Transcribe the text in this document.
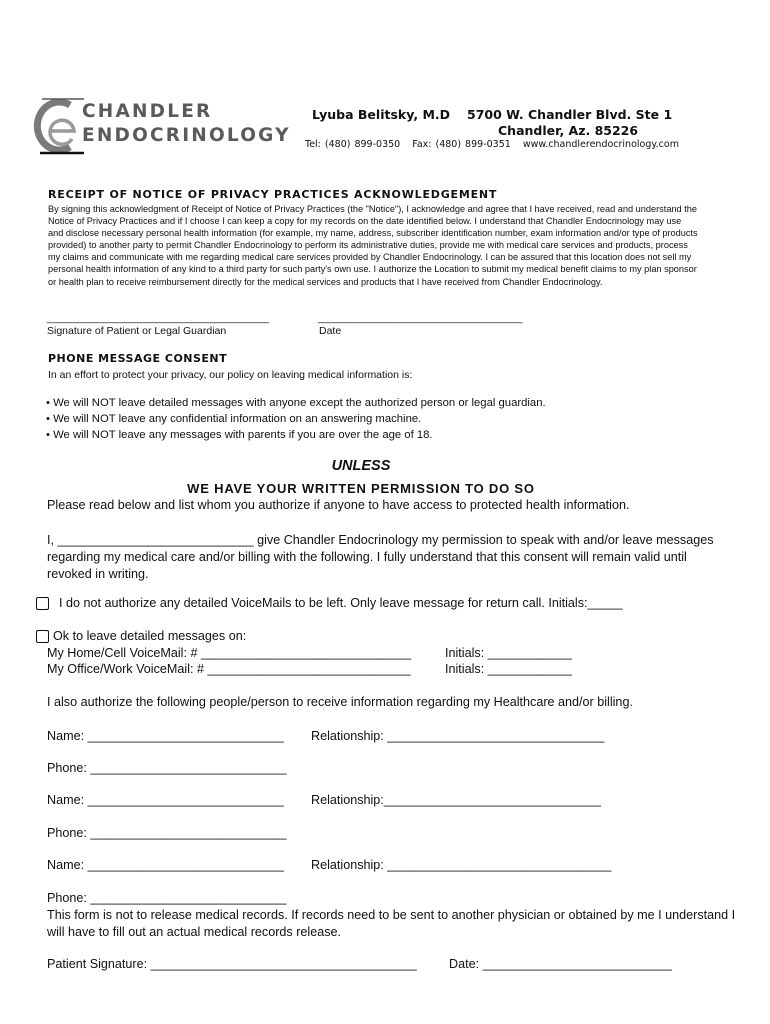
CHANDLER
ENDOCRINOLOGY
Lyuba Belitsky, M.D 5700 W. Chandler Blvd. Ste 1
Chandler, Az. 85226
Tel: (480) 899-0350 Fax: (480) 899-0351 www.chandlerendocrinology.com
RECEIPT OF NOTICE OF PRIVACY PRACTICES ACKNOWLEDGEMENT
By signing this acknowledgment of Receipt of Notice of Privacy Practices (the "Notice"), I acknowledge and agree that I have received, read and understand the Notice of Privacy Practices and if I choose I can keep a copy for my records on the date identified below. I understand that Chandler Endocrinology may use and disclose necessary personal health information (for example, my name, address, subscriber identification number, exam information and/or type of products provided) to another party to permit Chandler Endocrinology to perform its administrative duties, provide me with medical care services and products, process my claims and communicate with me regarding medical care services provided by Chandler Endocrinology. I can be assured that this location does not sell my personal health information of any kind to a third party for such party's own use. I authorize the Location to submit my medical benefit claims to my plan sponsor or health plan to receive reimbursement directly for the medical services and products that I have received from Chandler Endocrinology.
______________________________________	___________________________________
Signature of Patient or Legal Guardian	Date
PHONE MESSAGE CONSENT
In an effort to protect your privacy, our policy on leaving medical information is:
• We will NOT leave detailed messages with anyone except the authorized person or legal guardian.
• We will NOT leave any confidential information on an answering machine.
• We will NOT leave any messages with parents if you are over the age of 18.
UNLESS
WE HAVE YOUR WRITTEN PERMISSION TO DO SO
Please read below and list whom you authorize if anyone to have access to protected health information.
I, ____________________________ give Chandler Endocrinology my permission to speak with and/or leave messages regarding my medical care and/or billing with the following. I fully understand that this consent will remain valid until revoked in writing.
I do not authorize any detailed VoiceMails to be left. Only leave message for return call. Initials:_____
Ok to leave detailed messages on:
My Home/Cell VoiceMail: # ______________________________	Initials: ____________
My Office/Work VoiceMail: # _____________________________	Initials: ____________
I also authorize the following people/person to receive information regarding my Healthcare and/or billing.
Name: ____________________________ Relationship: _______________________________
Phone: ____________________________
Name: ____________________________ Relationship:_______________________________
Phone: ____________________________
Name: ____________________________ Relationship: ________________________________
Phone: ____________________________
This form is not to release medical records. If records need to be sent to another physician or obtained by me I understand I will have to fill out an actual medical records release.
Patient Signature: ______________________________________	Date: ___________________________
